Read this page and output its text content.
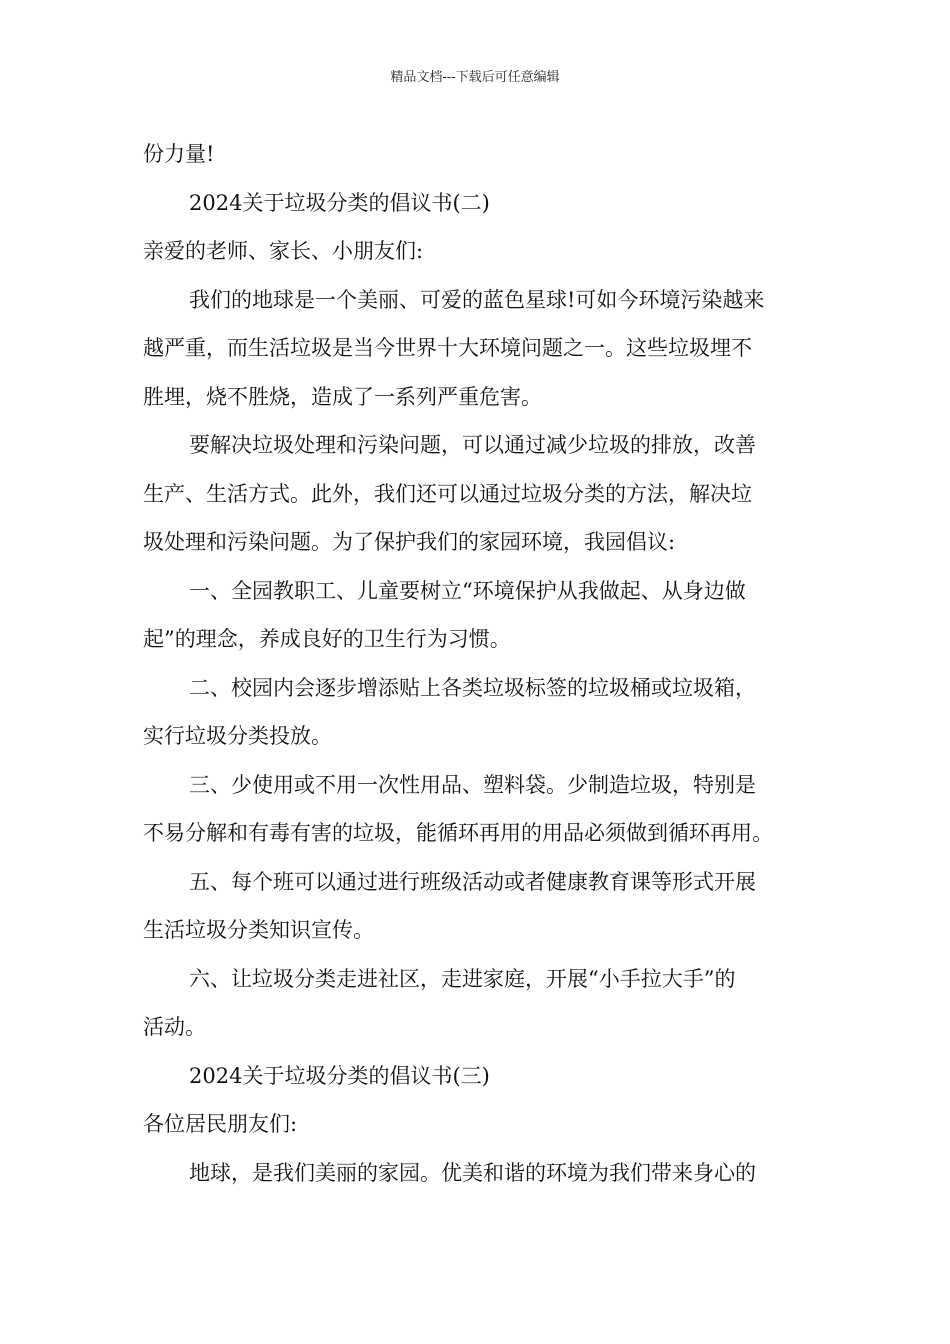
精品文档---下载后可任意编辑
份力量!
2024关于垃圾分类的倡议书(二)
亲爱的老师、家长、小朋友们:
我们的地球是一个美丽、可爱的蓝色星球!可如今环境污染越来
越严重，而生活垃圾是当今世界十大环境问题之一。这些垃圾埋不
胜埋，烧不胜烧，造成了一系列严重危害。
要解决垃圾处理和污染问题，可以通过减少垃圾的排放，改善
生产、生活方式。此外，我们还可以通过垃圾分类的方法，解决垃
圾处理和污染问题。为了保护我们的家园环境，我园倡议:
一、全园教职工、儿童要树立“环境保护从我做起、从身边做
起”的理念，养成良好的卫生行为习惯。
二、校园内会逐步增添贴上各类垃圾标签的垃圾桶或垃圾箱，
实行垃圾分类投放。
三、少使用或不用一次性用品、塑料袋。少制造垃圾，特别是
不易分解和有毒有害的垃圾，能循环再用的用品必须做到循环再用。
五、每个班可以通过进行班级活动或者健康教育课等形式开展
生活垃圾分类知识宣传。
六、让垃圾分类走进社区，走进家庭，开展“小手拉大手”的
活动。
2024关于垃圾分类的倡议书(三)
各位居民朋友们:
地球，是我们美丽的家园。优美和谐的环境为我们带来身心的
